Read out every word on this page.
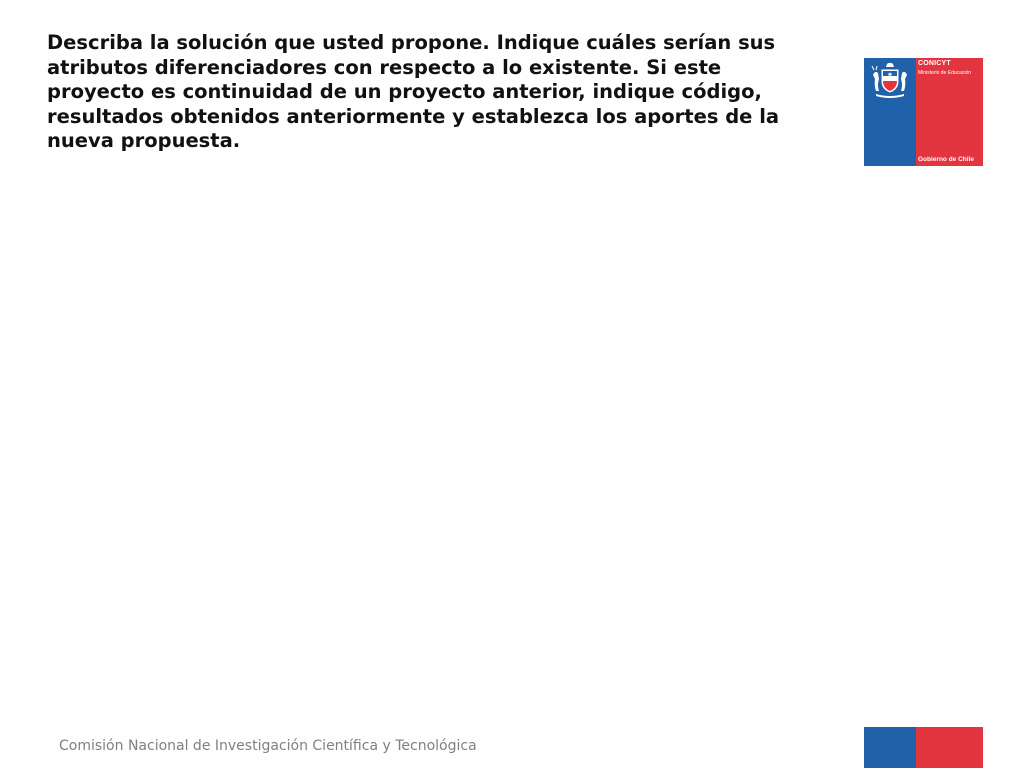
Describa la solución que usted propone. Indique cuáles serían sus atributos diferenciadores con respecto a lo existente. Si este proyecto es continuidad de un proyecto anterior, indique código, resultados obtenidos anteriormente y establezca los aportes de la nueva propuesta.
CONICYT
Ministerio de Educación
Gobierno de Chile
Comisión Nacional de Investigación Científica y Tecnológica
